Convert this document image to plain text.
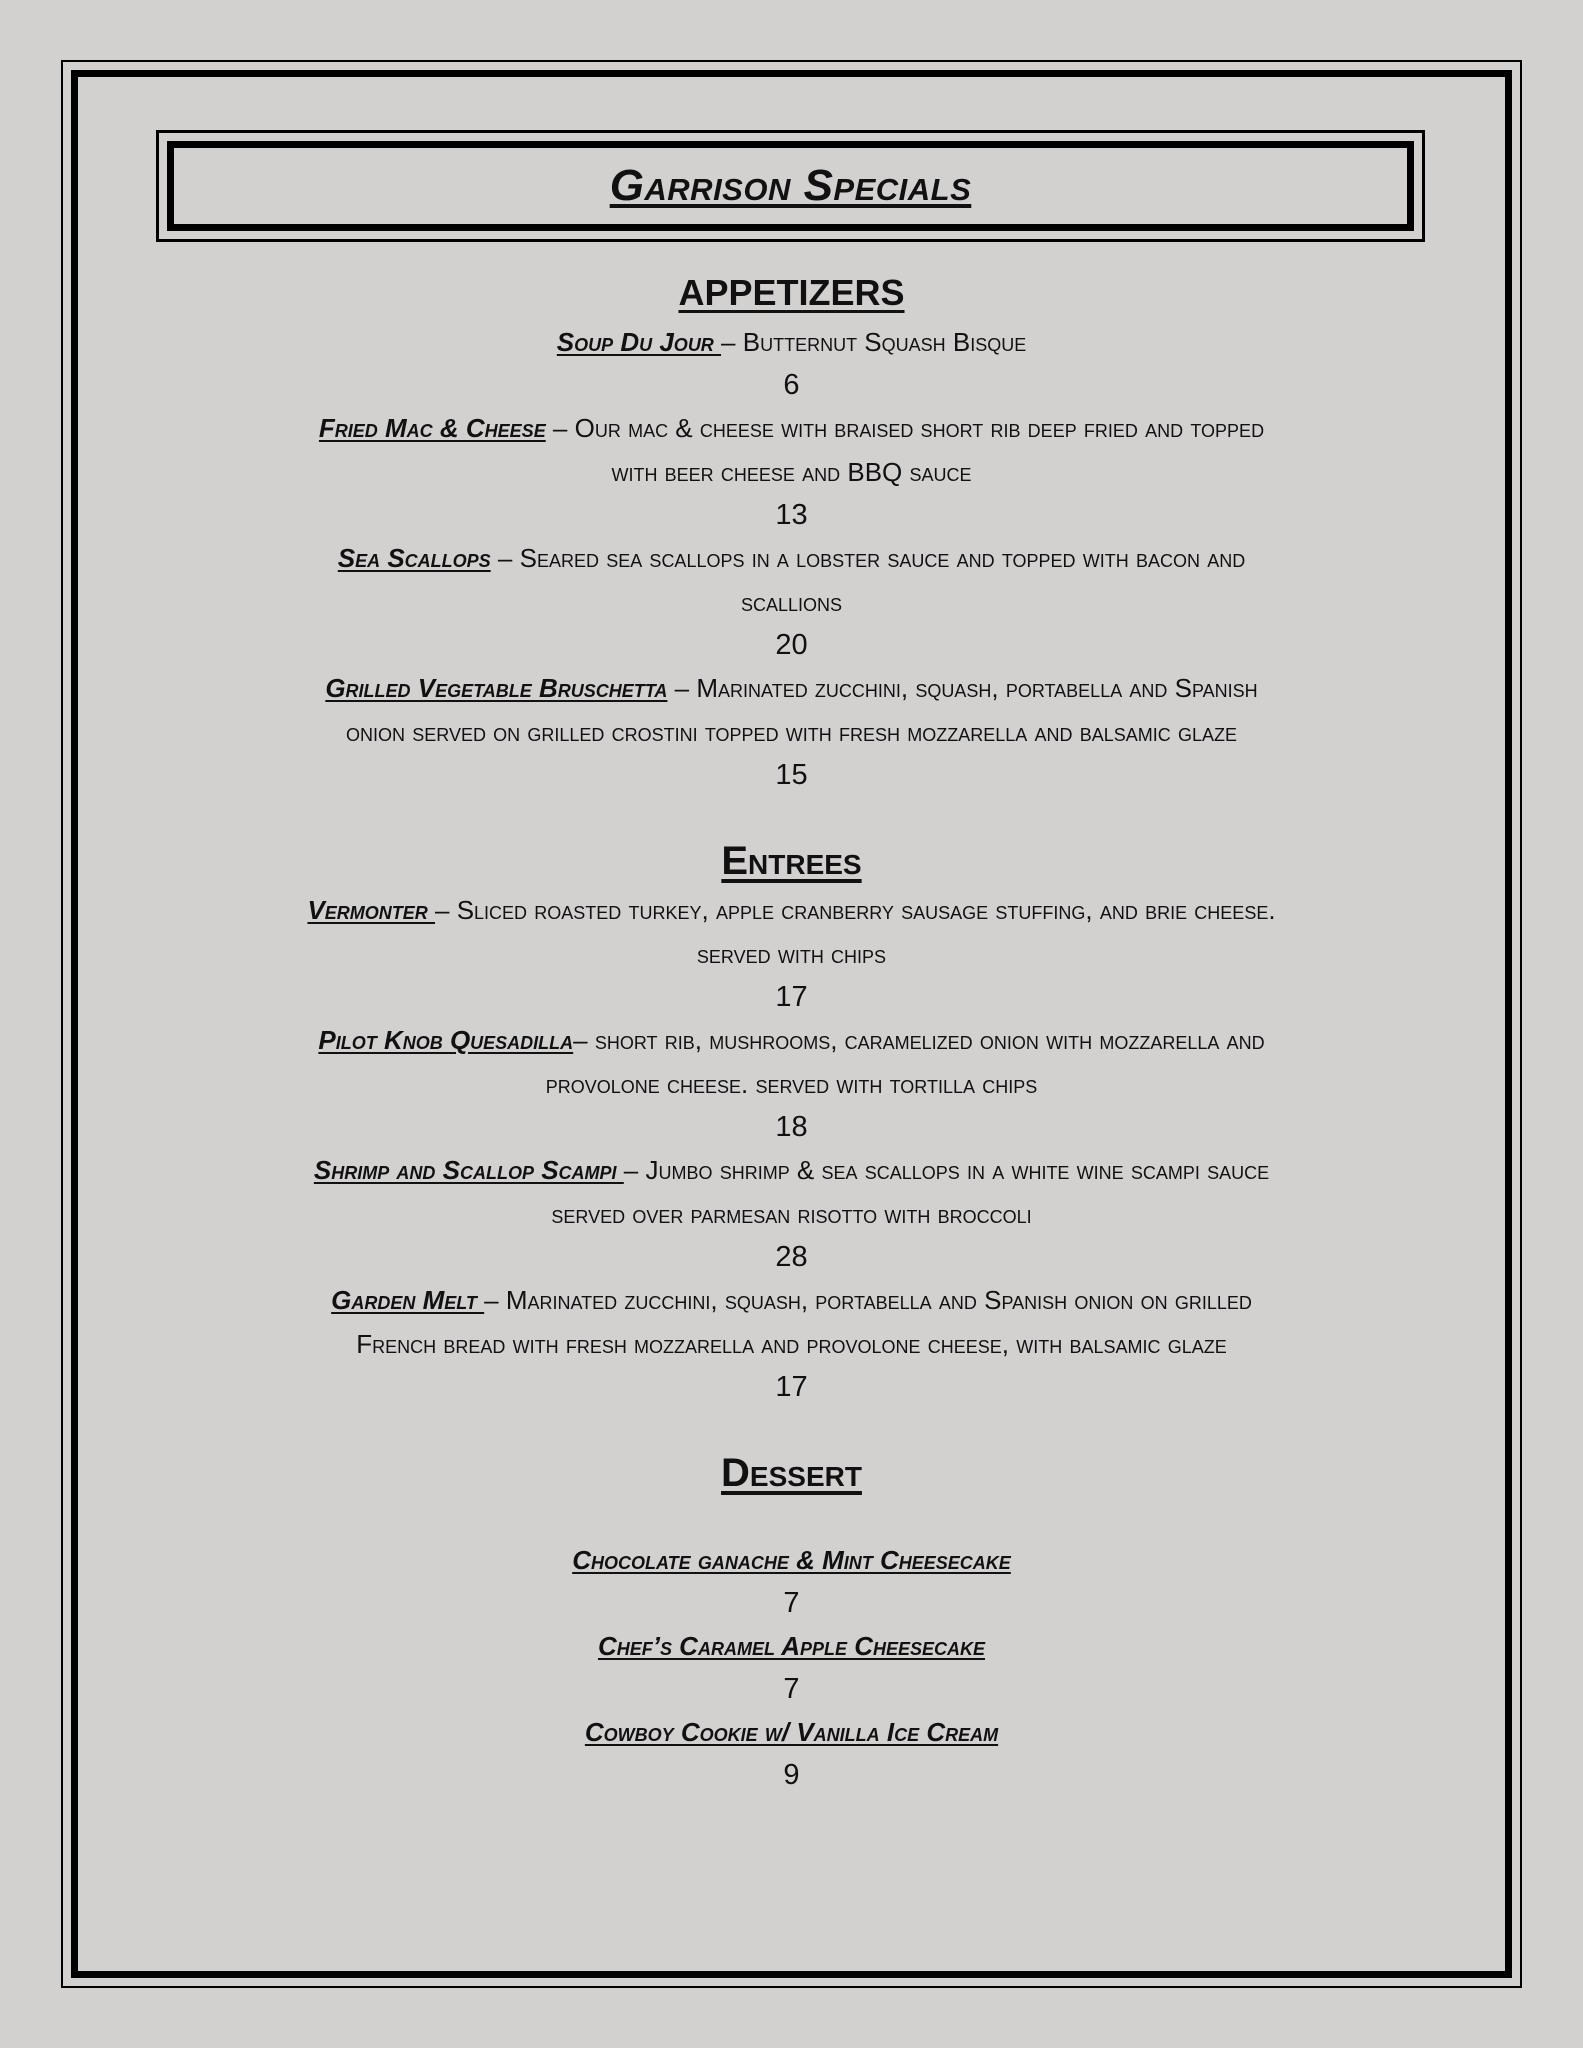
Garrison Specials
APPETIZERS
Soup Du Jour – Butternut Squash Bisque
6
Fried Mac & Cheese – Our mac & cheese with braised short rib deep fried and topped
with beer cheese and BBQ sauce
13
Sea Scallops – Seared sea scallops in a lobster sauce and topped with bacon and
scallions
20
Grilled Vegetable Bruschetta – Marinated zucchini, squash, portabella and Spanish
onion served on grilled crostini topped with fresh mozzarella and balsamic glaze
15
Entrees
Vermonter – Sliced roasted turkey, apple cranberry sausage stuffing, and brie cheese.
served with chips
17
Pilot Knob Quesadilla– short rib, mushrooms, caramelized onion with mozzarella and
provolone cheese. served with tortilla chips
18
Shrimp and Scallop Scampi – Jumbo shrimp & sea scallops in a white wine scampi sauce
served over parmesan risotto with broccoli
28
Garden Melt – Marinated zucchini, squash, portabella and Spanish onion on grilled
French bread with fresh mozzarella and provolone cheese, with balsamic glaze
17
Dessert
Chocolate ganache & Mint Cheesecake
7
Chef’s Caramel Apple Cheesecake
7
Cowboy Cookie w/ Vanilla Ice Cream
9
